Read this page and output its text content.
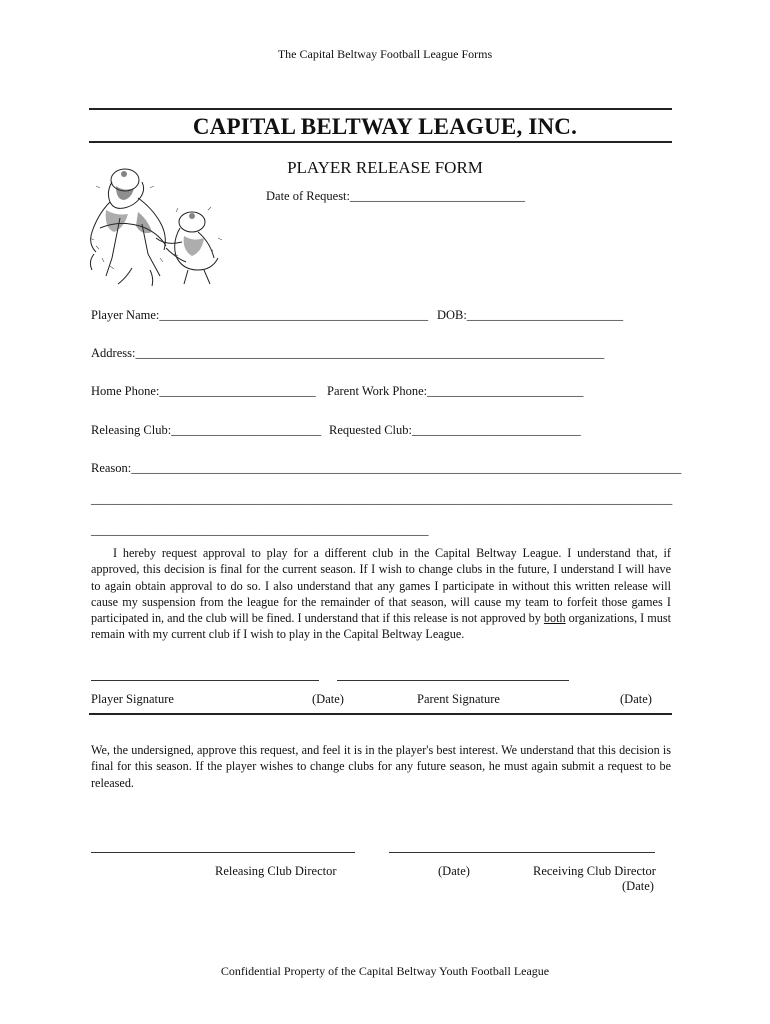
The Capital Beltway Football League Forms
CAPITAL BELTWAY LEAGUE, INC.
PLAYER RELEASE FORM
Date of Request:____________________________
Player Name:___________________________________________ DOB:_________________________
Address:___________________________________________________________________________
Home Phone:_________________________ Parent Work Phone:_________________________
Releasing Club:________________________ Requested Club:___________________________
Reason:________________________________________________________________________________________
_____________________________________________________________________________________________
______________________________________________________
I hereby request approval to play for a different club in the Capital Beltway League. I understand that, if approved, this decision is final for the current season. If I wish to change clubs in the future, I understand I will have to again obtain approval to do so. I also understand that any games I participate in without this written release will cause my suspension from the league for the remainder of that season, will cause my team to forfeit those games I participated in, and the club will be fined. I understand that if this release is not approved by both organizations, I must remain with my current club if I wish to play in the Capital Beltway League.
Player Signature	(Date)	Parent Signature	(Date)
We, the undersigned, approve this request, and feel it is in the player's best interest. We understand that this decision is final for this season. If the player wishes to change clubs for any future season, he must again submit a request to be released.
Releasing Club Director	(Date)	Receiving Club Director
(Date)
Confidential Property of the Capital Beltway Youth Football League
